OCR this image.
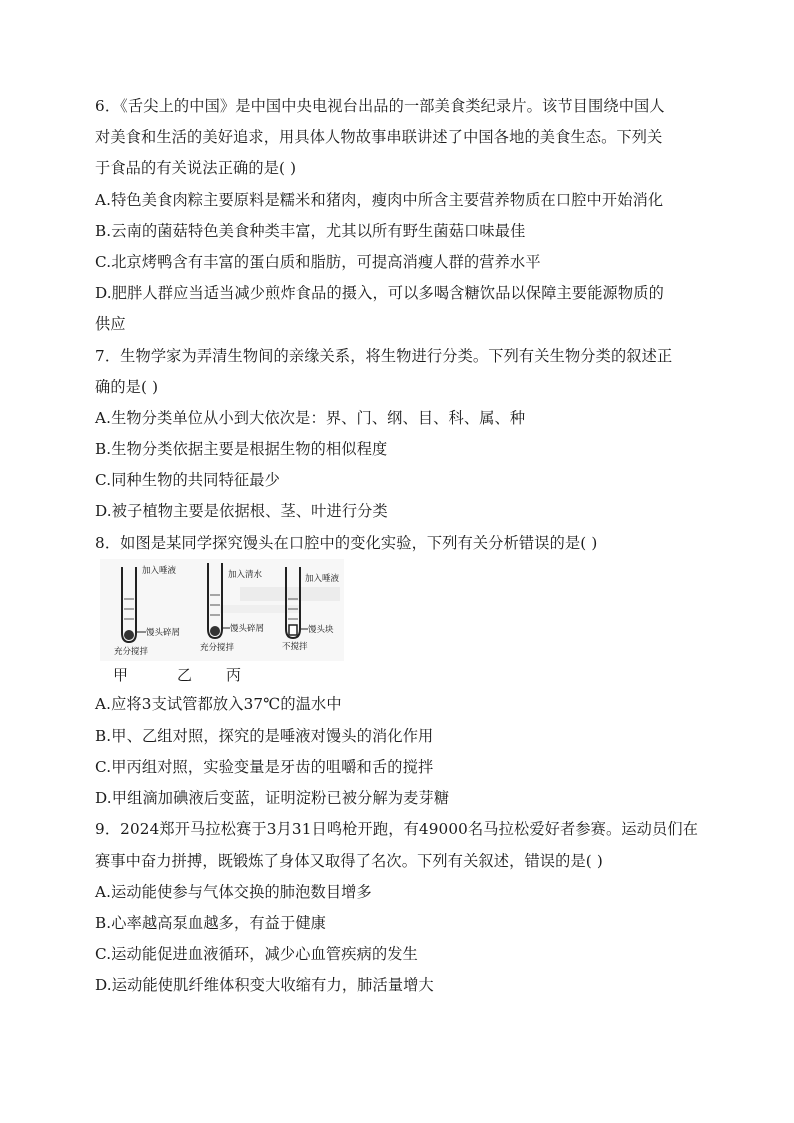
6．《舌尖上的中国》是中国中央电视台出品的一部美食类纪录片。该节目围绕中国人
对美食和生活的美好追求，用具体人物故事串联讲述了中国各地的美食生态。下列关
于食品的有关说法正确的是( )
A.特色美食肉粽主要原料是糯米和猪肉，瘦肉中所含主要营养物质在口腔中开始消化
B.云南的菌菇特色美食种类丰富，尤其以所有野生菌菇口味最佳
C.北京烤鸭含有丰富的蛋白质和脂肪，可提高消瘦人群的营养水平
D.肥胖人群应当适当减少煎炸食品的摄入，可以多喝含糖饮品以保障主要能源物质的
供应
7．生物学家为弄清生物间的亲缘关系，将生物进行分类。下列有关生物分类的叙述正
确的是( )
A.生物分类单位从小到大依次是：界、门、纲、目、科、属、种
B.生物分类依据主要是根据生物的相似程度
C.同种生物的共同特征最少
D.被子植物主要是依据根、茎、叶进行分类
8．如图是某同学探究馒头在口腔中的变化实验，下列有关分析错误的是( )
加入唾液
馒头碎屑
充分搅拌
加入清水
馒头碎屑
充分搅拌
加入唾液
馒头块
不搅拌
甲	乙 丙
A.应将3支试管都放入37℃的温水中
B.甲、乙组对照，探究的是唾液对馒头的消化作用
C.甲丙组对照，实验变量是牙齿的咀嚼和舌的搅拌
D.甲组滴加碘液后变蓝，证明淀粉已被分解为麦芽糖
9．2024郑开马拉松赛于3月31日鸣枪开跑，有49000名马拉松爱好者参赛。运动员们在
赛事中奋力拼搏，既锻炼了身体又取得了名次。下列有关叙述，错误的是( )
A.运动能使参与气体交换的肺泡数目增多
B.心率越高泵血越多，有益于健康
C.运动能促进血液循环，减少心血管疾病的发生
D.运动能使肌纤维体积变大收缩有力，肺活量增大
